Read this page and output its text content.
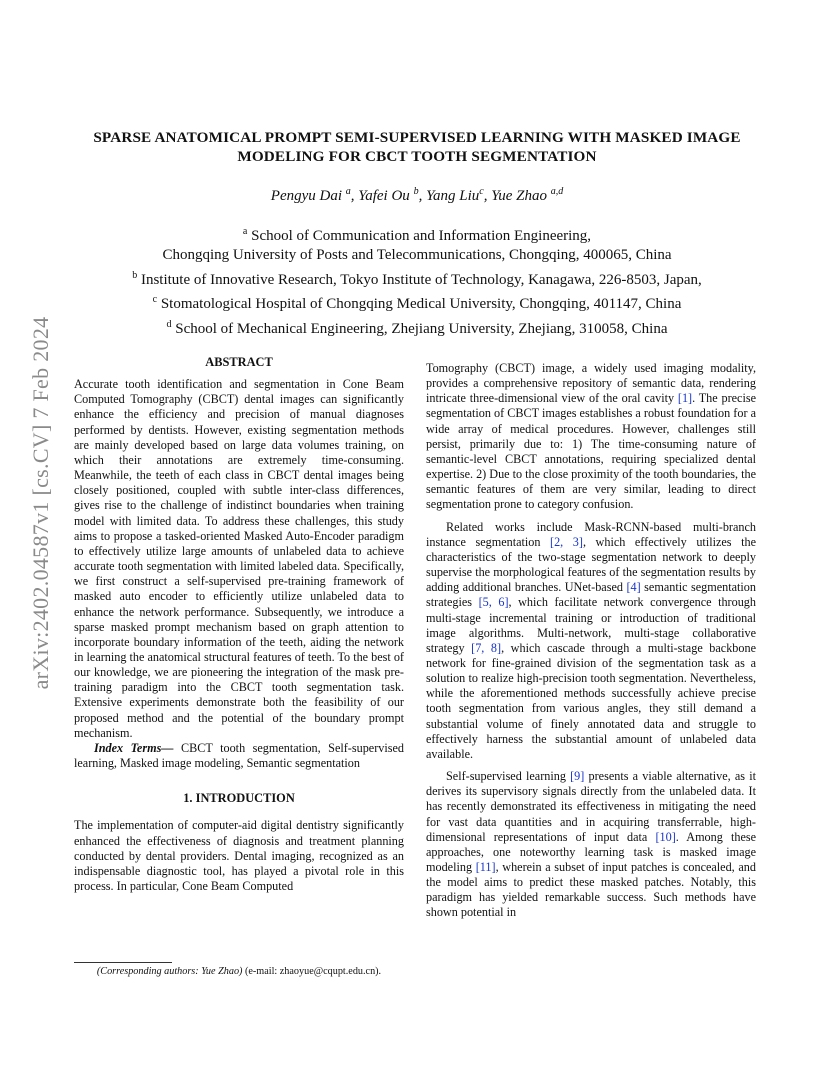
arXiv:2402.04587v1 [cs.CV] 7 Feb 2024
SPARSE ANATOMICAL PROMPT SEMI-SUPERVISED LEARNING WITH MASKED IMAGE
MODELING FOR CBCT TOOTH SEGMENTATION
Pengyu Dai $^a$, Yafei Ou $^b$, Yang Liu$^c$, Yue Zhao $^{a,d}$
$^a$ School of Communication and Information Engineering,
Chongqing University of Posts and Telecommunications, Chongqing, 400065, China
$^b$ Institute of Innovative Research, Tokyo Institute of Technology, Kanagawa, 226-8503, Japan,
$^c$ Stomatological Hospital of Chongqing Medical University, Chongqing, 401147, China
$^d$ School of Mechanical Engineering, Zhejiang University, Zhejiang, 310058, China
ABSTRACT

Accurate tooth identification and segmentation in Cone Beam Computed Tomography (CBCT) dental images can significantly enhance the efficiency and precision of manual diagnoses performed by dentists. However, existing segmentation methods are mainly developed based on large data volumes training, on which their annotations are extremely time-consuming. Meanwhile, the teeth of each class in CBCT dental images being closely positioned, coupled with subtle inter-class differences, gives rise to the challenge of indistinct boundaries when training model with limited data. To address these challenges, this study aims to propose a tasked-oriented Masked Auto-Encoder paradigm to effectively utilize large amounts of unlabeled data to achieve accurate tooth segmentation with limited labeled data. Specifically, we first construct a self-supervised pre-training framework of masked auto encoder to efficiently utilize unlabeled data to enhance the network performance. Subsequently, we introduce a sparse masked prompt mechanism based on graph attention to incorporate boundary information of the teeth, aiding the network in learning the anatomical structural features of teeth. To the best of our knowledge, we are pioneering the integration of the mask pre-training paradigm into the CBCT tooth segmentation task. Extensive experiments demonstrate both the feasibility of our proposed method and the potential of the boundary prompt mechanism.

Index Terms— CBCT tooth segmentation, Self-supervised learning, Masked image modeling, Semantic segmentation

1. INTRODUCTION

The implementation of computer-aid digital dentistry significantly enhanced the effectiveness of diagnosis and treatment planning conducted by dental providers. Dental imaging, recognized as an indispensable diagnostic tool, has played a pivotal role in this process. In particular, Cone Beam Computed

Tomography (CBCT) image, a widely used imaging modality, provides a comprehensive repository of semantic data, rendering intricate three-dimensional view of the oral cavity [1]. The precise segmentation of CBCT images establishes a robust foundation for a wide array of medical procedures. However, challenges still persist, primarily due to: 1) The time-consuming nature of semantic-level CBCT annotations, requiring specialized dental expertise. 2) Due to the close proximity of the tooth boundaries, the semantic features of them are very similar, leading to direct segmentation prone to category confusion.

Related works include Mask-RCNN-based multi-branch instance segmentation [2, 3], which effectively utilizes the characteristics of the two-stage segmentation network to deeply supervise the morphological features of the segmentation results by adding additional branches. UNet-based [4] semantic segmentation strategies [5, 6], which facilitate network convergence through multi-stage incremental training or introduction of traditional image algorithms. Multi-network, multi-stage collaborative strategy [7, 8], which cascade through a multi-stage backbone network for fine-grained division of the segmentation task as a solution to realize high-precision tooth segmentation. Nevertheless, while the aforementioned methods successfully achieve precise tooth segmentation from various angles, they still demand a substantial volume of finely annotated data and struggle to effectively harness the substantial amount of unlabeled data available.

Self-supervised learning [9] presents a viable alternative, as it derives its supervisory signals directly from the unlabeled data. It has recently demonstrated its effectiveness in mitigating the need for vast data quantities and in acquiring transferrable, high-dimensional representations of input data [10]. Among these approaches, one noteworthy learning task is masked image modeling [11], wherein a subset of input patches is concealed, and the model aims to predict these masked patches. Notably, this paradigm has yielded remarkable success. Such methods have shown potential in

(Corresponding authors: Yue Zhao) (e-mail: zhaoyue@cqupt.edu.cn).
